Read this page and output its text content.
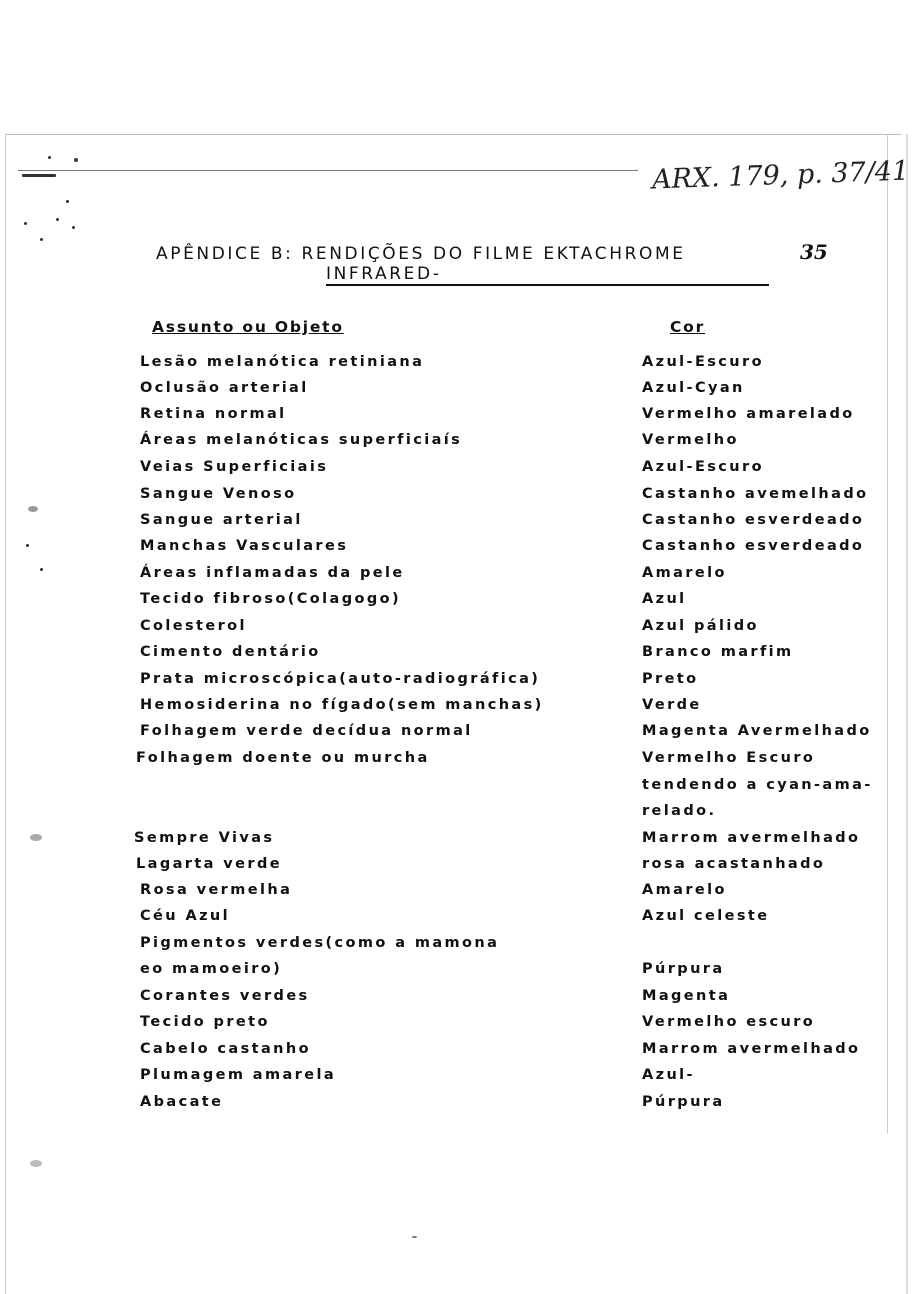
ARX. 179, p. 37/41
35
APÊNDICE B: RENDIÇÕES DO FILME EKTACHROME
INFRARED-
Assunto ou Objeto	Cor
Lesão melanótica retiniana	Azul-Escuro
Oclusão arterial	Azul-Cyan
Retina normal	Vermelho amarelado
Áreas melanóticas superficiaís	Vermelho
Veias Superficiais	Azul-Escuro
Sangue Venoso	Castanho avemelhado
Sangue arterial	Castanho esverdeado
Manchas Vasculares	Castanho esverdeado
Áreas inflamadas da pele	Amarelo
Tecido fibroso(Colagogo)	Azul
Colesterol	Azul pálido
Cimento dentário	Branco marfim
Prata microscópica(auto-radiográfica)	Preto
Hemosiderina no fígado(sem manchas)	Verde
Folhagem verde decídua normal	Magenta Avermelhado
Folhagem doente ou murcha	Vermelho Escuro
tendendo a cyan-ama-
relado.
Sempre Vivas	Marrom avermelhado
Lagarta verde	rosa acastanhado
Rosa vermelha	Amarelo
Céu Azul	Azul celeste
Pigmentos verdes(como a mamona
eo mamoeiro)	Púrpura
Corantes verdes	Magenta
Tecido preto	Vermelho escuro
Cabelo castanho	Marrom avermelhado
Plumagem amarela	Azul-
Abacate	Púrpura
